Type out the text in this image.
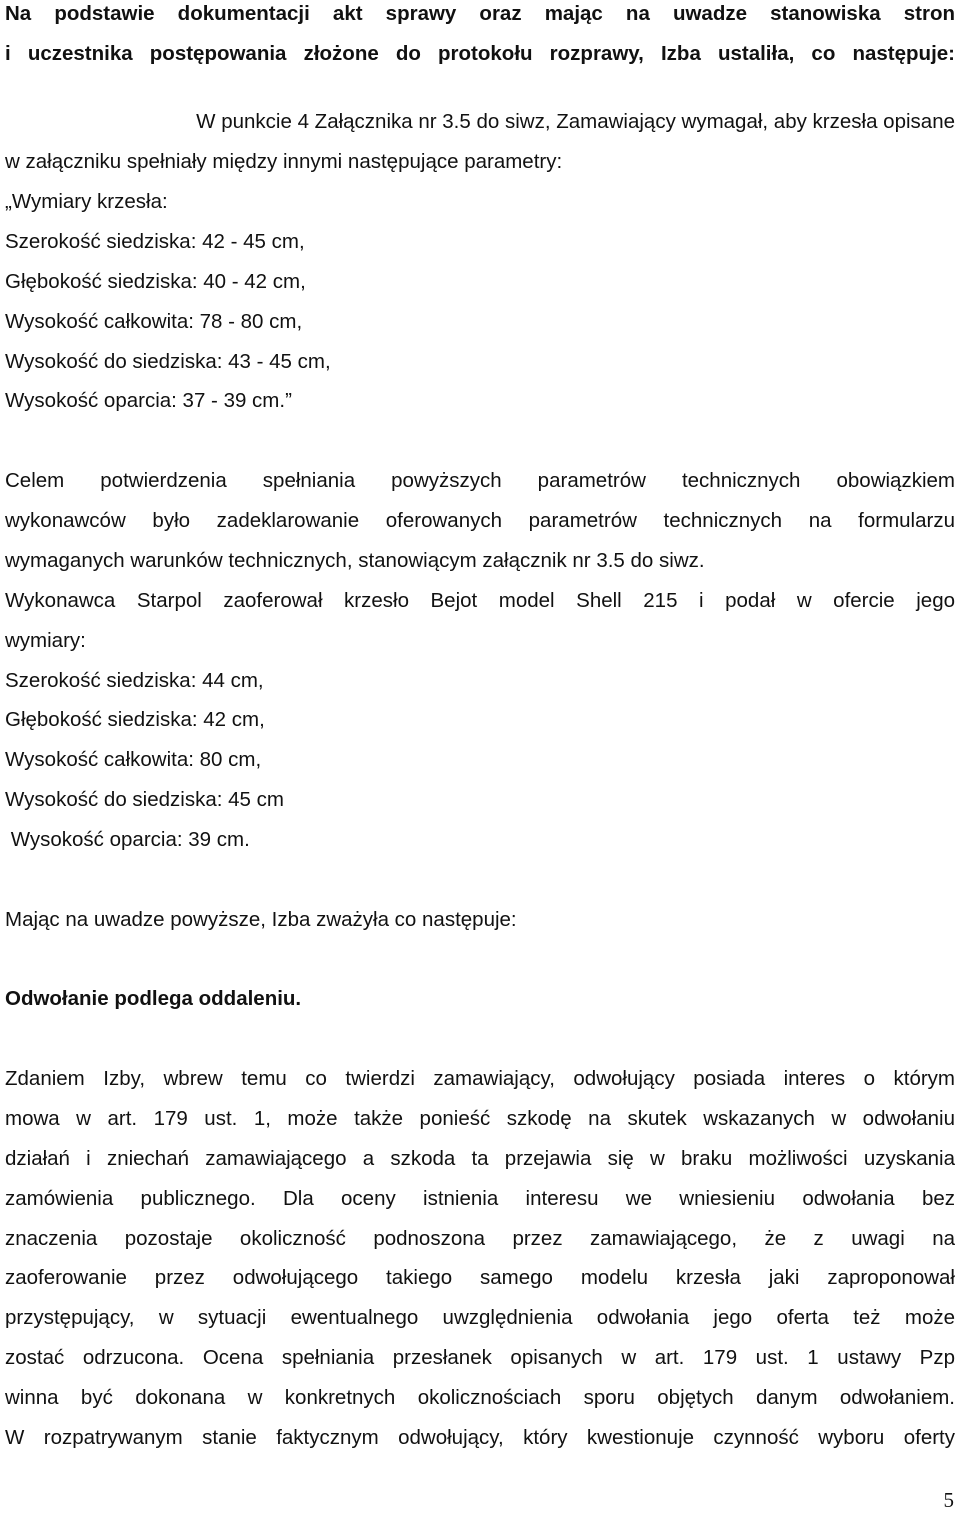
Na podstawie dokumentacji akt sprawy oraz mając na uwadze stanowiska stron
i uczestnika postępowania złożone do protokołu rozprawy, Izba ustaliła, co następuje:
W punkcie 4 Załącznika nr 3.5 do siwz, Zamawiający wymagał, aby krzesła opisane
w załączniku spełniały między innymi następujące parametry:
„Wymiary krzesła:
Szerokość siedziska: 42 - 45 cm,
Głębokość siedziska: 40 - 42 cm,
Wysokość całkowita: 78 - 80 cm,
Wysokość do siedziska: 43 - 45 cm,
Wysokość oparcia: 37 - 39 cm.”
Celem potwierdzenia spełniania powyższych parametrów technicznych obowiązkiem
wykonawców było zadeklarowanie oferowanych parametrów technicznych na formularzu
wymaganych warunków technicznych, stanowiącym załącznik nr 3.5 do siwz.
Wykonawca Starpol zaoferował krzesło Bejot model Shell 215 i podał w ofercie jego
wymiary:
Szerokość siedziska: 44 cm,
Głębokość siedziska: 42 cm,
Wysokość całkowita: 80 cm,
Wysokość do siedziska: 45 cm
Wysokość oparcia: 39 cm.
Mając na uwadze powyższe, Izba zważyła co następuje:
Odwołanie podlega oddaleniu.
Zdaniem Izby, wbrew temu co twierdzi zamawiający, odwołujący posiada interes o którym
mowa w art. 179 ust. 1, może także ponieść szkodę na skutek wskazanych w odwołaniu
działań i zniechań zamawiającego a szkoda ta przejawia się w braku możliwości uzyskania
zamówienia publicznego. Dla oceny istnienia interesu we wniesieniu odwołania bez
znaczenia pozostaje okoliczność podnoszona przez zamawiającego, że z uwagi na
zaoferowanie przez odwołującego takiego samego modelu krzesła jaki zaproponował
przystępujący, w sytuacji ewentualnego uwzględnienia odwołania jego oferta też może
zostać odrzucona. Ocena spełniania przesłanek opisanych w art. 179 ust. 1 ustawy Pzp
winna być dokonana w konkretnych okolicznościach sporu objętych danym odwołaniem.
W rozpatrywanym stanie faktycznym odwołujący, który kwestionuje czynność wyboru oferty
5
